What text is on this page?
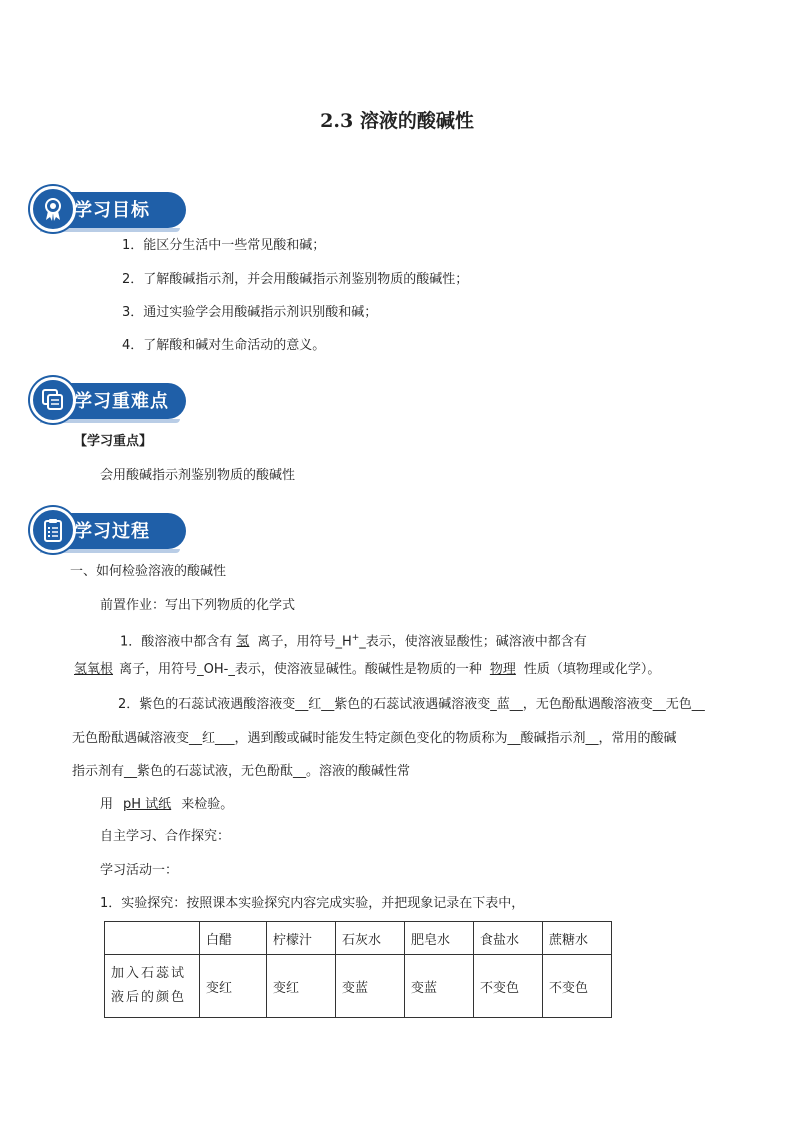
2.3 溶液的酸碱性
学习目标
1．能区分生活中一些常见酸和碱；
2．了解酸碱指示剂，并会用酸碱指示剂鉴别物质的酸碱性；
3．通过实验学会用酸碱指示剂识别酸和碱；
4．了解酸和碱对生命活动的意义。
学习重难点
【学习重点】
会用酸碱指示剂鉴别物质的酸碱性
学习过程
一、如何检验溶液的酸碱性
前置作业：写出下列物质的化学式
1．酸溶液中都含有 氢 离子，用符号_H+_表示，使溶液显酸性；碱溶液中都含有
氢氧根 离子，用符号_OH-_表示，使溶液显碱性。酸碱性是物质的一种 物理 性质（填物理或化学）。
2．紫色的石蕊试液遇酸溶液变__红__紫色的石蕊试液遇碱溶液变_蓝__，无色酚酞遇酸溶液变__无色__
无色酚酞遇碱溶液变__红___，遇到酸或碱时能发生特定颜色变化的物质称为__酸碱指示剂__，常用的酸碱
指示剂有__紫色的石蕊试液，无色酚酞__。溶液的酸碱性常
用 pH 试纸 来检验。
自主学习、合作探究：
学习活动一：
1．实验探究：按照课本实验探究内容完成实验，并把现象记录在下表中，
	白醋	柠檬汁	石灰水	肥皂水	食盐水	蔗糖水
加入石蕊试液后的颜色	变红	变红	变蓝	变蓝	不变色	不变色
